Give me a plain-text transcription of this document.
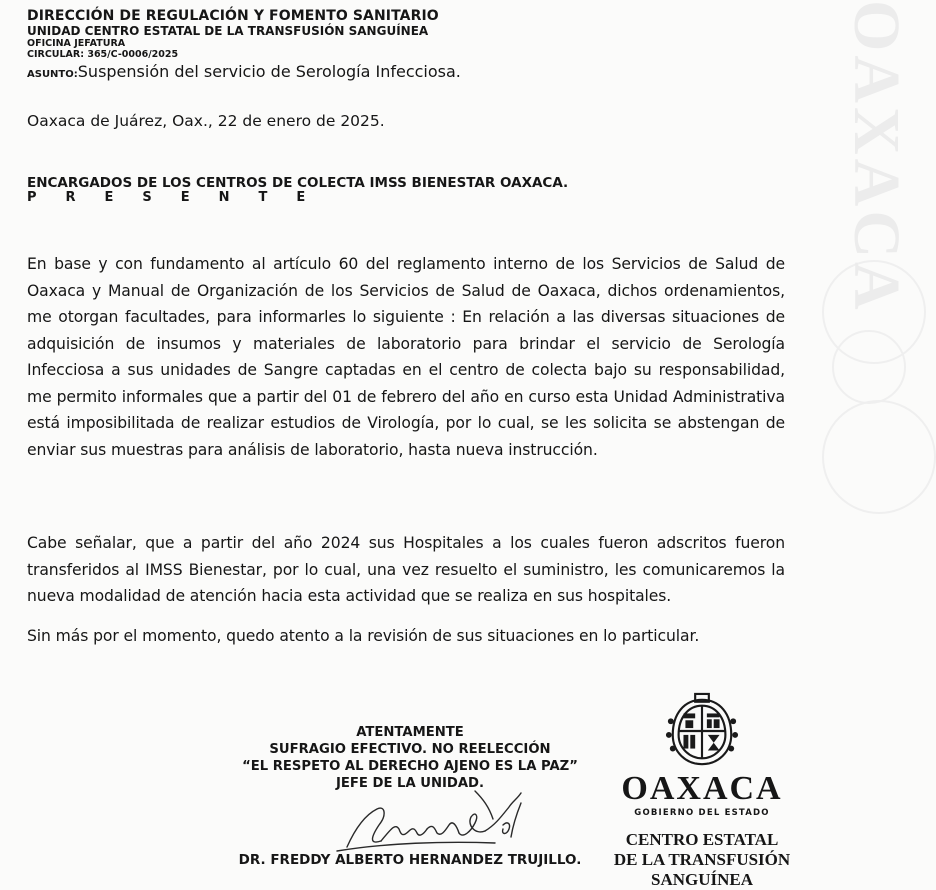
OAXACA
DIRECCIÓN DE REGULACIÓN Y FOMENTO SANITARIO
UNIDAD CENTRO ESTATAL DE LA TRANSFUSIÓN SANGUÍNEA
OFICINA JEFATURA
CIRCULAR: 365/C-0006/2025
ASUNTO:Suspensión del servicio de Serología Infecciosa.
Oaxaca de Juárez, Oax., 22 de enero de 2025.
ENCARGADOS DE LOS CENTROS DE COLECTA IMSS BIENESTAR OAXACA.
PRESENTE
En base y con fundamento al artículo 60 del reglamento interno de los Servicios de Salud de Oaxaca y Manual de Organización de los Servicios de Salud de Oaxaca, dichos ordenamientos, me otorgan facultades, para informarles lo siguiente : En relación a las diversas situaciones de adquisición de insumos y materiales de laboratorio para brindar el servicio de Serología Infecciosa a sus unidades de Sangre captadas en el centro de colecta bajo su responsabilidad, me permito informales que a partir del 01 de febrero del año en curso esta Unidad Administrativa está imposibilitada de realizar estudios de Virología, por lo cual, se les solicita se abstengan de enviar sus muestras para análisis de laboratorio, hasta nueva instrucción.
Cabe señalar, que a partir del año 2024 sus Hospitales a los cuales fueron adscritos fueron transferidos al IMSS Bienestar, por lo cual, una vez resuelto el suministro, les comunicaremos la nueva modalidad de atención hacia esta actividad que se realiza en sus hospitales.
Sin más por el momento, quedo atento a la revisión de sus situaciones en lo particular.
ATENTAMENTE
SUFRAGIO EFECTIVO. NO REELECCIÓN
“EL RESPETO AL DERECHO AJENO ES LA PAZ”
JEFE DE LA UNIDAD.
DR. FREDDY ALBERTO HERNANDEZ TRUJILLO.
OAXACA
GOBIERNO DEL ESTADO
CENTRO ESTATAL
DE LA TRANSFUSIÓN
SANGUÍNEA
